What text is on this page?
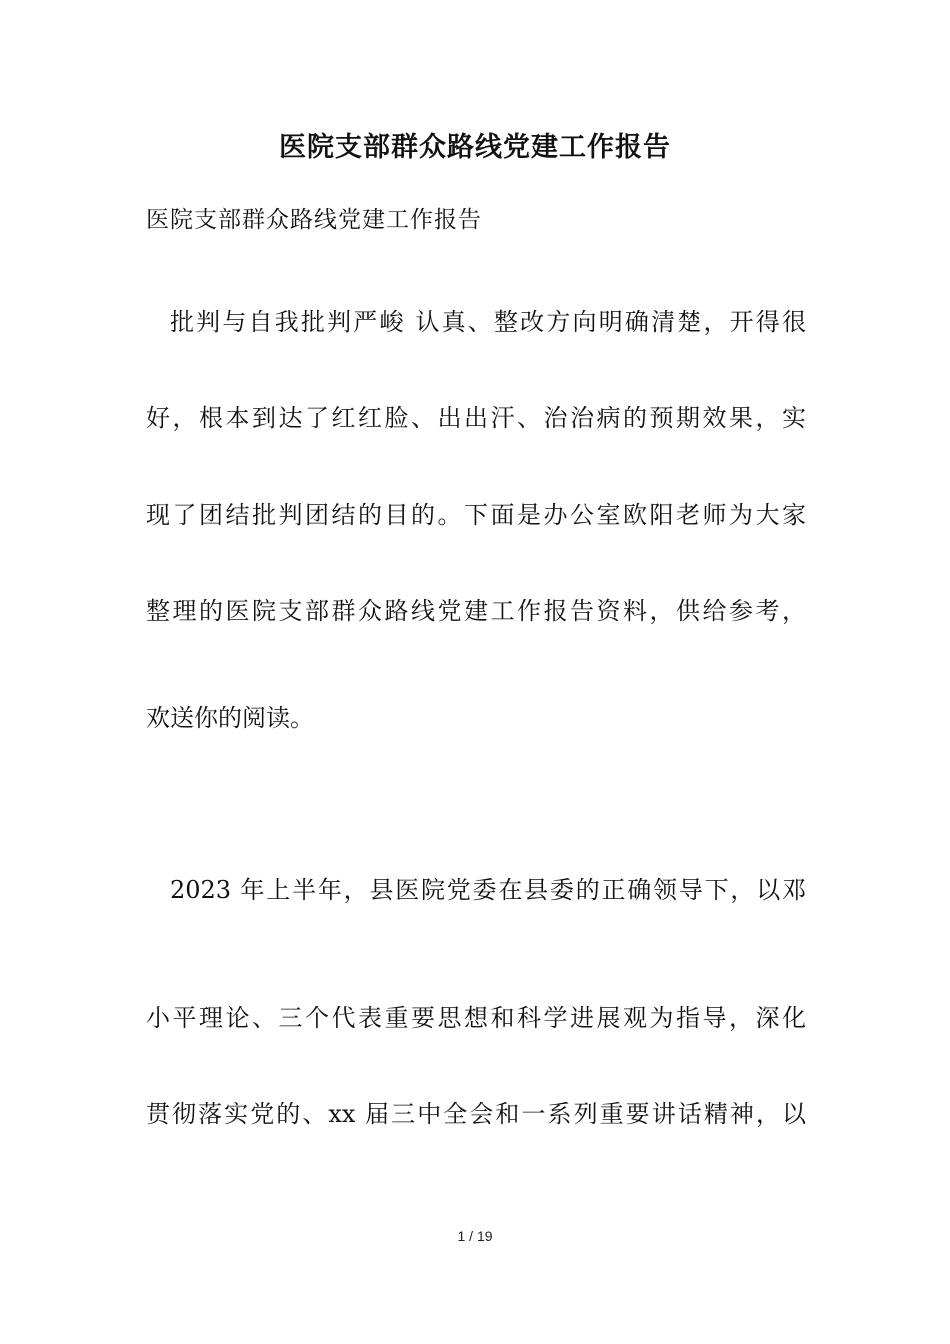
医院支部群众路线党建工作报告
医院支部群众路线党建工作报告
批判与自我批判严峻 认真、整改方向明确清楚，开得很
好，根本到达了红红脸、出出汗、治治病的预期效果，实
现了团结批判团结的目的。下面是办公室欧阳老师为大家
整理的医院支部群众路线党建工作报告资料，供给参考，
欢送你的阅读。
2023 年上半年，县医院党委在县委的正确领导下，以邓
小平理论、三个代表重要思想和科学进展观为指导，深化
贯彻落实党的、xx 届三中全会和一系列重要讲话精神，以
1 / 19
